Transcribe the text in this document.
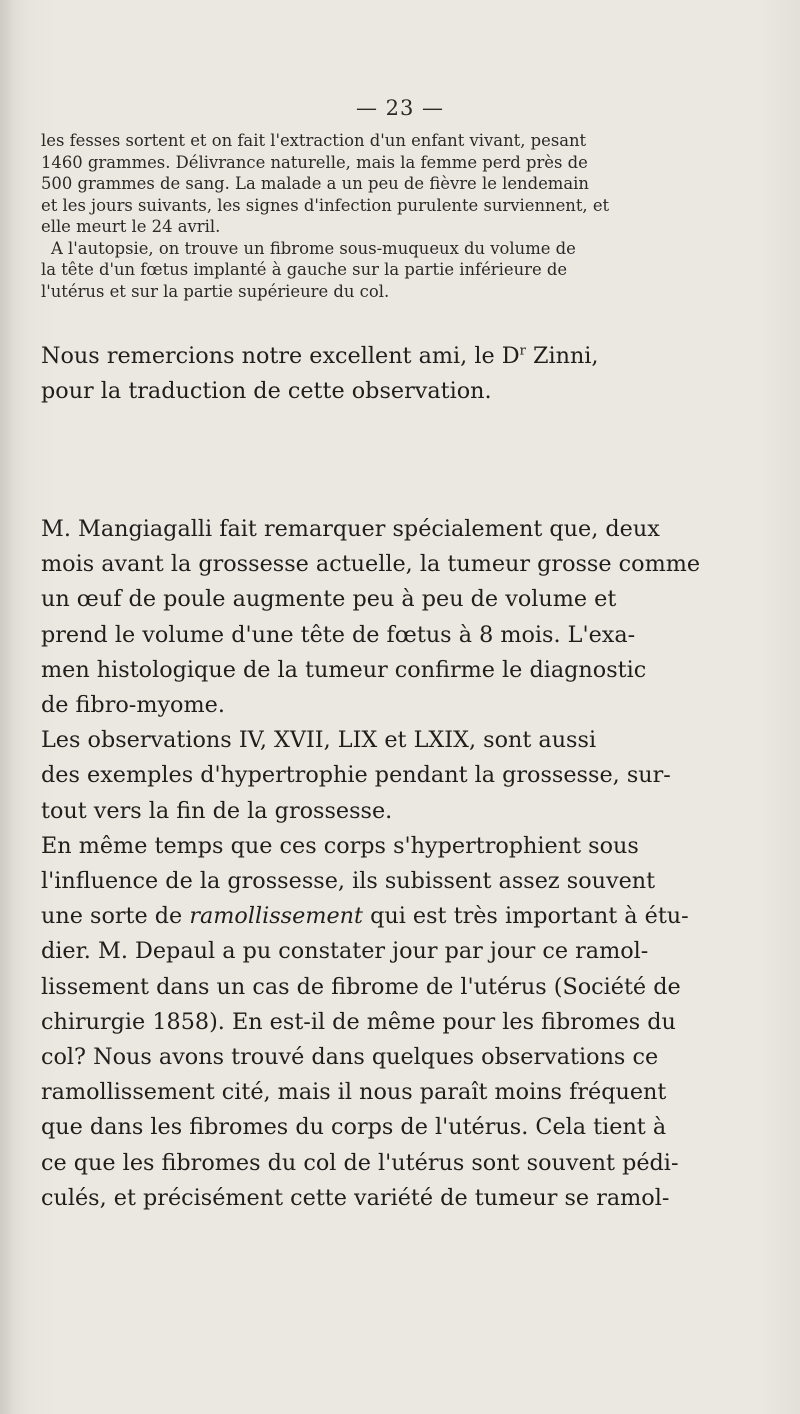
— 23 —

les fesses sortent et on fait l'extraction d'un enfant vivant, pesant

1460 grammes. Délivrance naturelle, mais la femme perd près de

500 grammes de sang. La malade a un peu de fièvre le lendemain

et les jours suivants, les signes d'infection purulente surviennent, et

elle meurt le 24 avril.

A l'autopsie, on trouve un fibrome sous-muqueux du volume de

la tête d'un fœtus implanté à gauche sur la partie inférieure de

l'utérus et sur la partie supérieure du col.

Nous remercions notre excellent ami, le $D^r$ Zinni,

pour la traduction de cette observation.

M. Mangiagalli fait remarquer spécialement que, deux

mois avant la grossesse actuelle, la tumeur grosse comme

un œuf de poule augmente peu à peu de volume et

prend le volume d'une tête de fœtus à 8 mois. L'exa-

men histologique de la tumeur confirme le diagnostic

de fibro-myome.

Les observations IV, XVII, LIX et LXIX, sont aussi

des exemples d'hypertrophie pendant la grossesse, sur-

tout vers la fin de la grossesse.

En même temps que ces corps s'hypertrophient sous

l'influence de la grossesse, ils subissent assez souvent

une sorte de ramollissement qui est très important à étu-

dier. M. Depaul a pu constater jour par jour ce ramol-

lissement dans un cas de fibrome de l'utérus (Société de

chirurgie 1858). En est-il de même pour les fibromes du

col? Nous avons trouvé dans quelques observations ce

ramollissement cité, mais il nous paraît moins fréquent

que dans les fibromes du corps de l'utérus. Cela tient à

ce que les fibromes du col de l'utérus sont souvent pédi-

culés, et précisément cette variété de tumeur se ramol-
